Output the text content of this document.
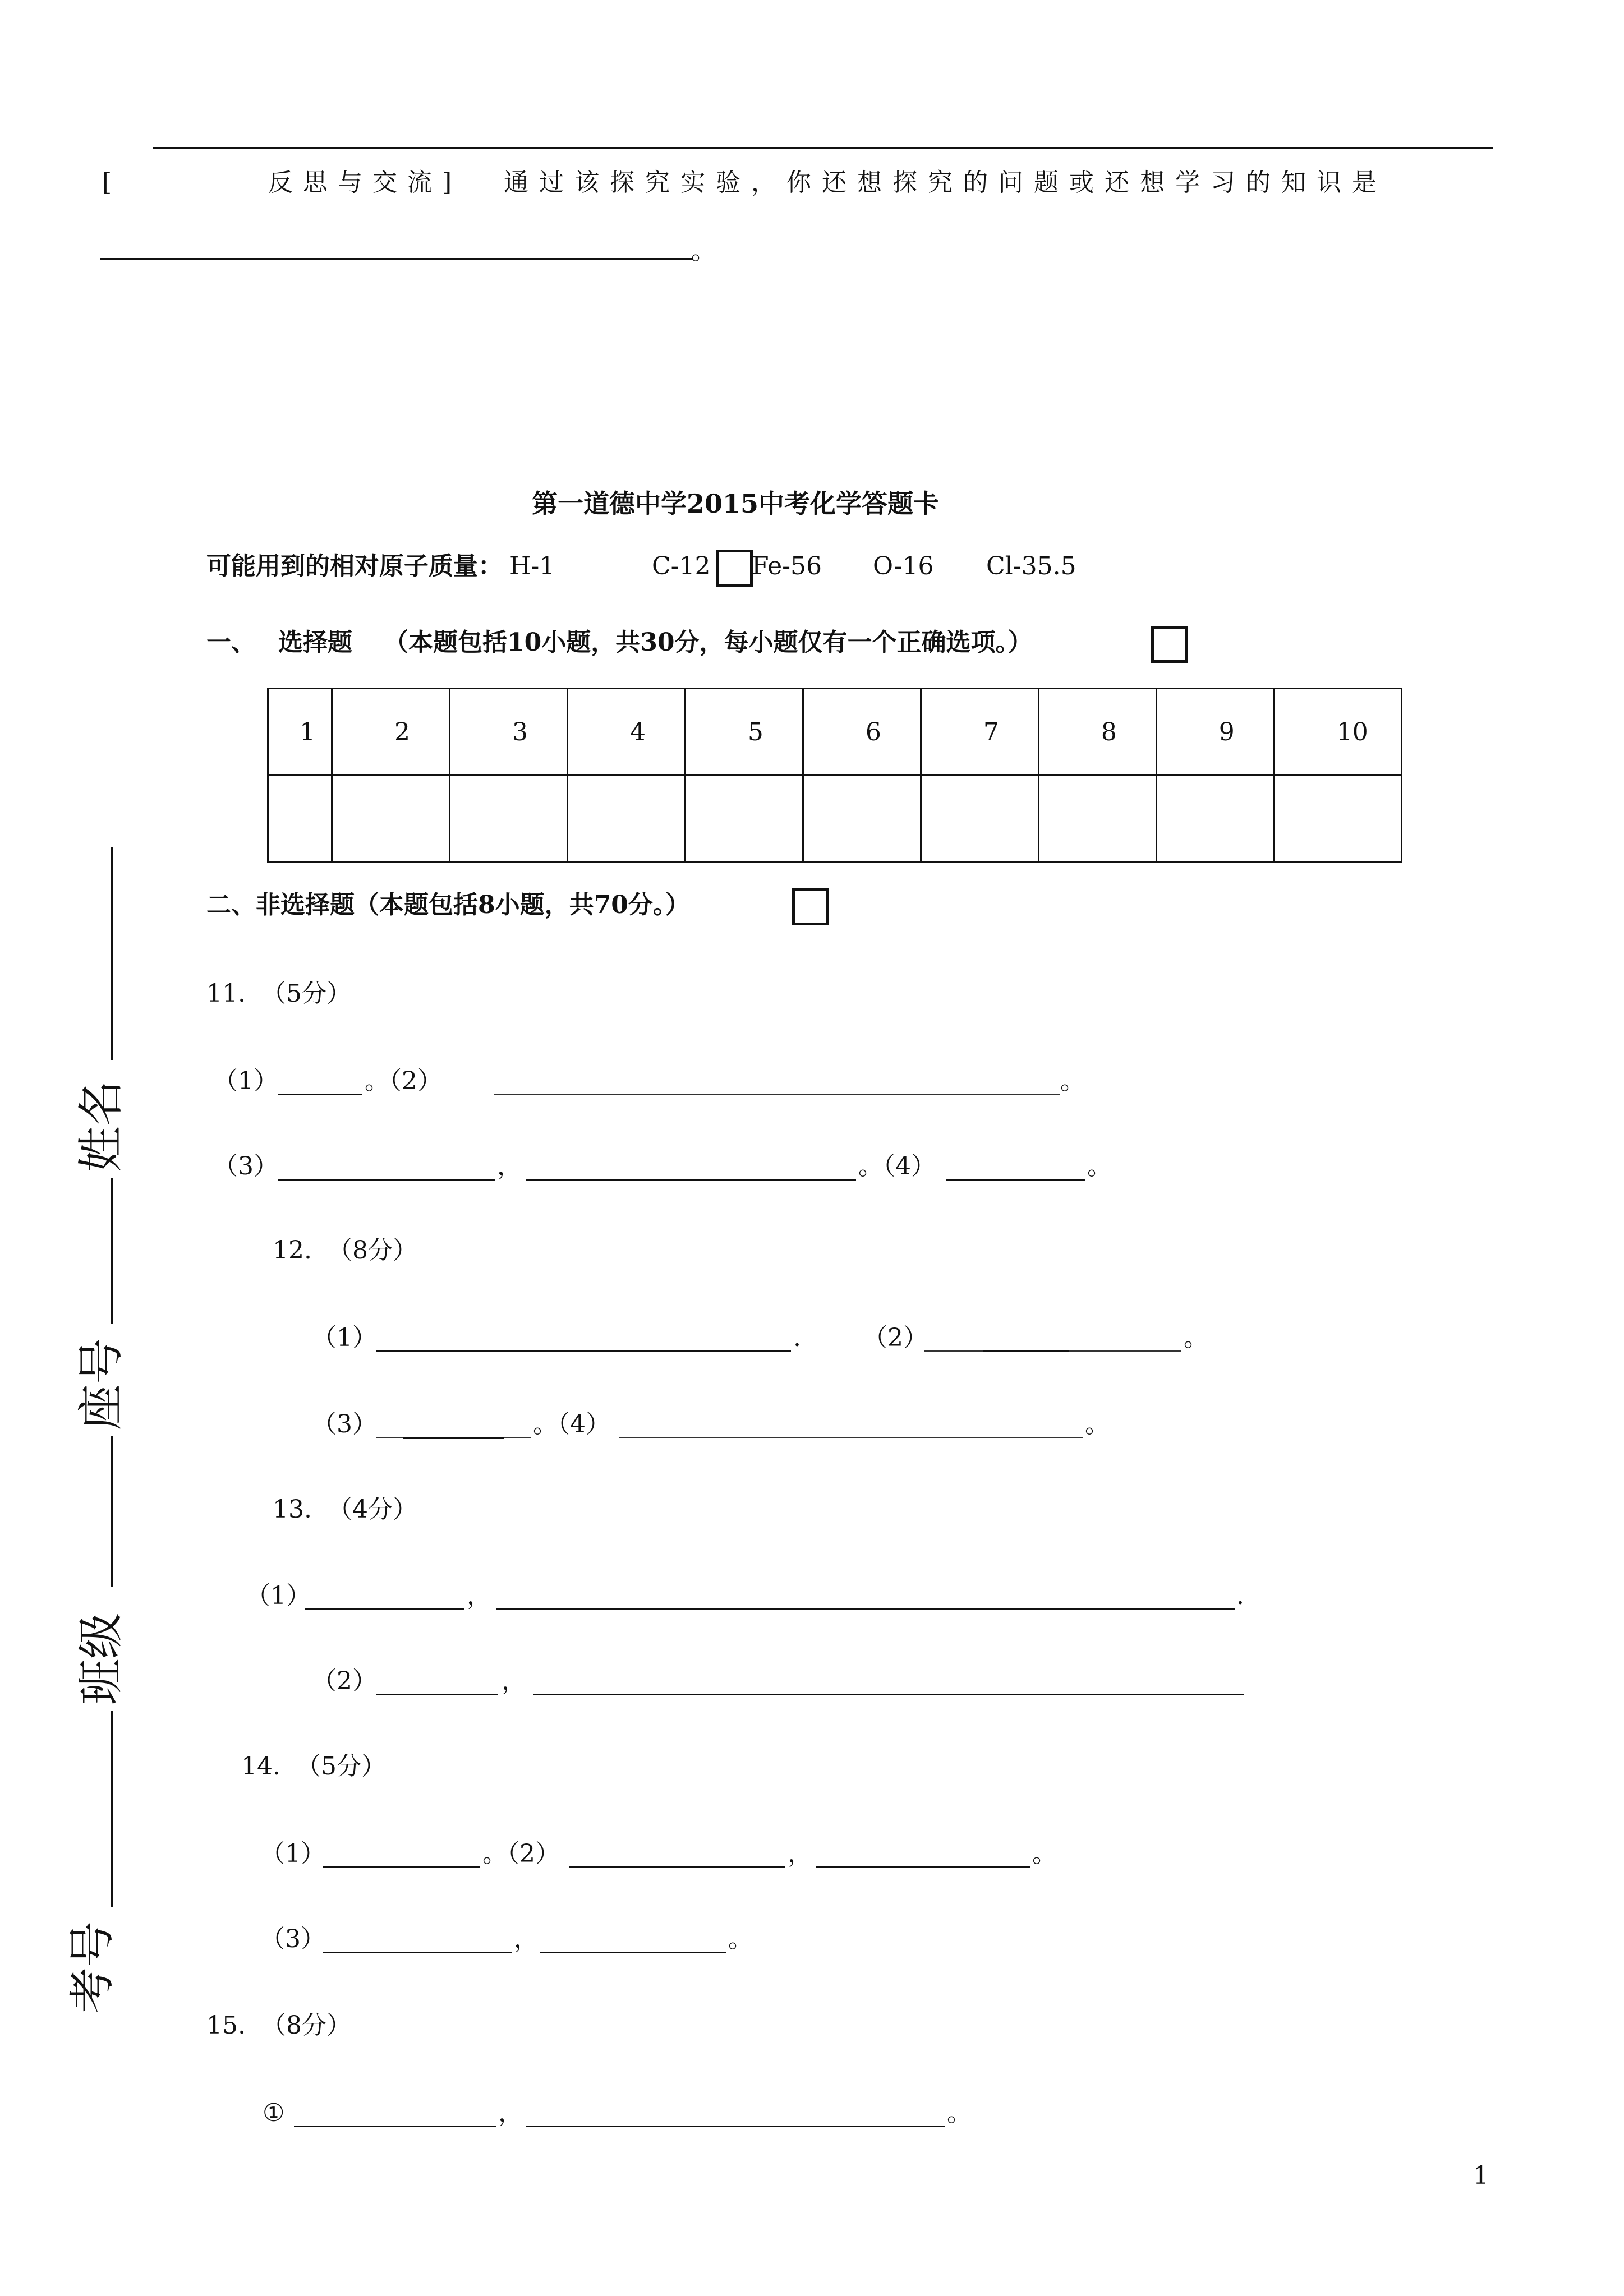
[	反思与交流] 通过该探究实验，你还想探究的问题或还想学习的知识是
。
第一道德中学2015中考化学答题卡
可能用到的相对原子质量： H-1	C-12 Fe-56 O-16 Cl-35.5
一、 选择题 （本题包括10小题，共30分，每小题仅有一个正确选项。）
1	2	3	4	5	6	7	8	9	10

二、非选择题（本题包括8小题，共70分。）
11.  （5分）
（1）	。（2）	。
（3）	，	。（4）	。
12.  （8分）
（1）	.	（2）	。
（3）	。（4）	。
13.  （4分）
（1）	，	.
（2）	，
14.  （5分）
（1）	。（2）	，	。
（3）	，	。
15.  （8分）
①	，	。
姓名
座号
班级
考号
1
